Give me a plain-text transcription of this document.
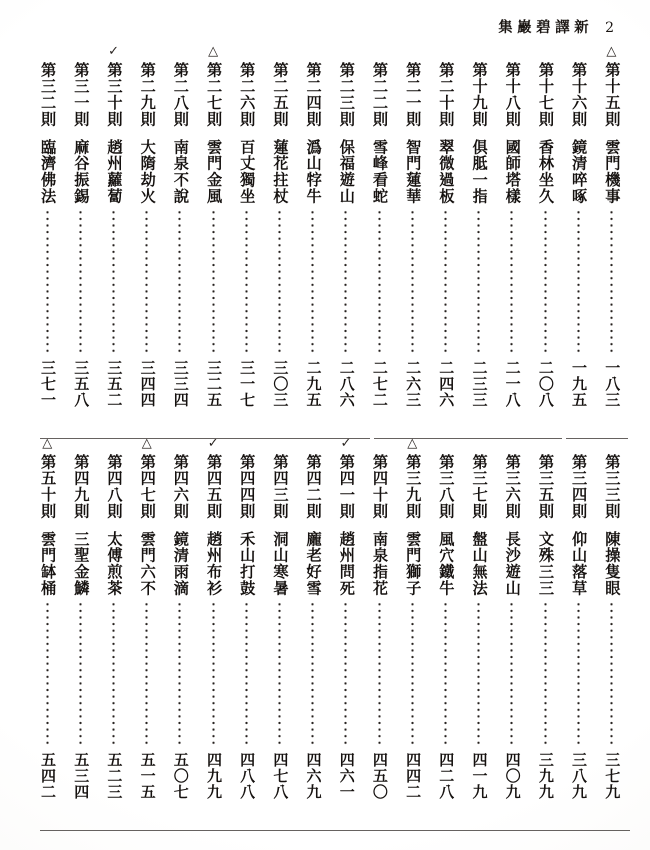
集巖碧譯新 2
△
第十五則
雲門機事
一八三
第十六則
鏡清啐啄
一九五
第十七則
香林坐久
二〇八
第十八則
國師塔樣
二一八
第十九則
俱胝一指
二三三
第二十則
翠微過板
二四六
第二一則
智門蓮華
二六三
第二二則
雪峰看蛇
二七二
第二三則
保福遊山
二八六
第二四則
潙山牸牛
二九五
第二五則
蓮花拄杖
三〇三
第二六則
百丈獨坐
三一七
△
第二七則
雲門金風
三二五
第二八則
南泉不說
三三四
第二九則
大隋劫火
三四四
✓
第三十則
趙州蘿蔔
三五二
第三一則
麻谷振錫
三五八
第三二則
臨濟佛法
三七一
第三三則
陳操隻眼
三七九
第三四則
仰山落草
三八九
第三五則
文殊三三
三九九
第三六則
長沙遊山
四〇九
第三七則
盤山無法
四一九
第三八則
風穴鐵牛
四二八
△
第三九則
雲門獅子
四四二
第四十則
南泉指花
四五〇
✓
第四一則
趙州問死
四六一
第四二則
龐老好雪
四六九
第四三則
洞山寒暑
四七八
第四四則
禾山打鼓
四八八
✓
第四五則
趙州布衫
四九九
第四六則
鏡清雨滴
五〇七
△
第四七則
雲門六不
五一五
第四八則
太傅煎茶
五二三
第四九則
三聖金鱗
五三四
△
第五十則
雲門缽桶
五四二
